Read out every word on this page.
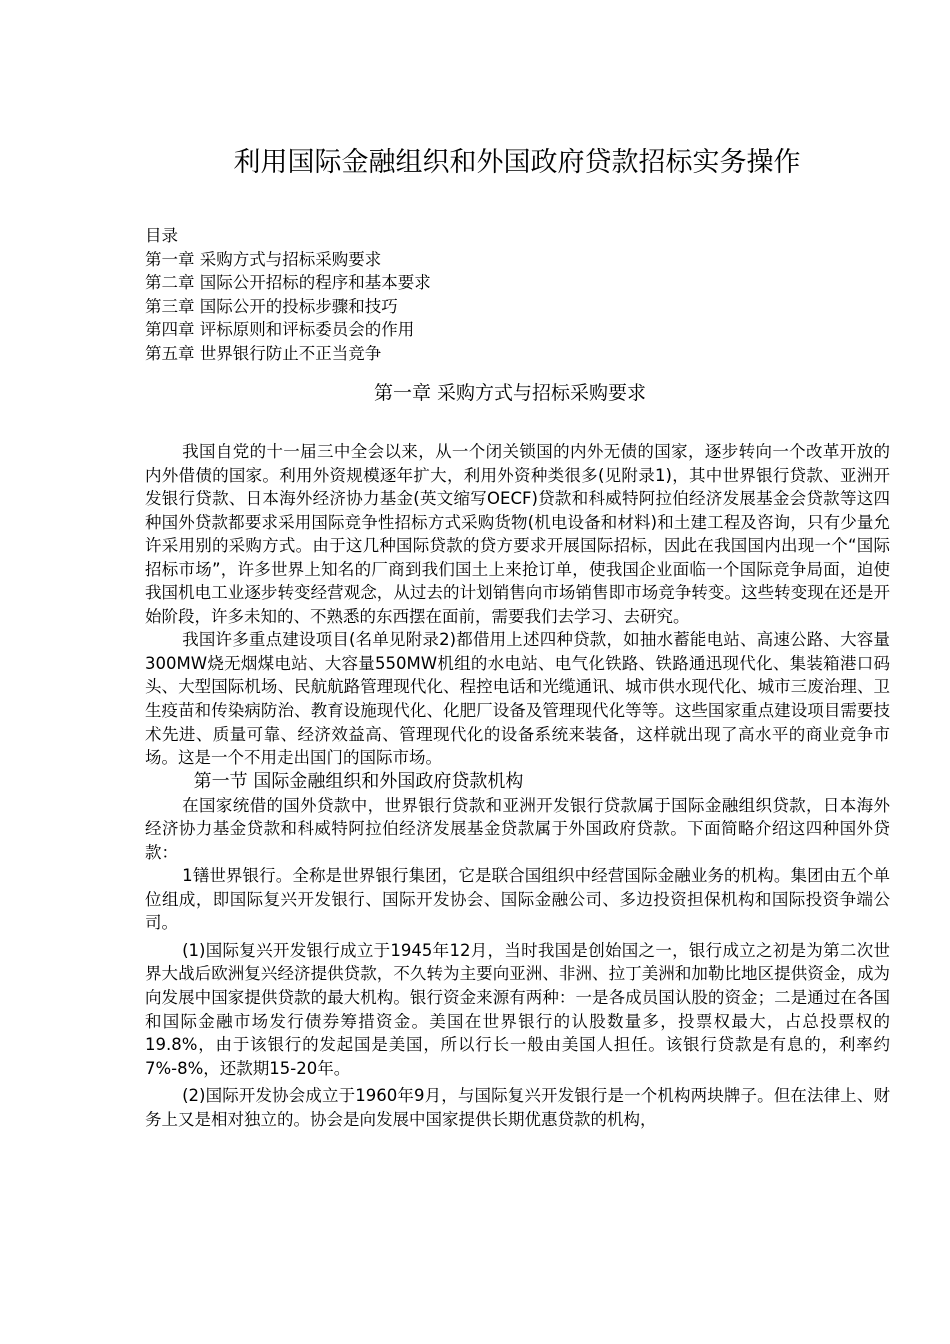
利用国际金融组织和外国政府贷款招标实务操作
目录
第一章 采购方式与招标采购要求
第二章 国际公开招标的程序和基本要求
第三章 国际公开的投标步骤和技巧
第四章 评标原则和评标委员会的作用
第五章 世界银行防止不正当竞争
第一章 采购方式与招标采购要求

我国自党的十一届三中全会以来，从一个闭关锁国的内外无债的国家，逐步转向一个改革开放的内外借债的国家。利用外资规模逐年扩大，利用外资种类很多(见附录1)，其中世界银行贷款、亚洲开发银行贷款、日本海外经济协力基金(英文缩写OECF)贷款和科威特阿拉伯经济发展基金会贷款等这四种国外贷款都要求采用国际竞争性招标方式采购货物(机电设备和材料)和土建工程及咨询，只有少量允许采用别的采购方式。由于这几种国际贷款的贷方要求开展国际招标，因此在我国国内出现一个“国际招标市场”，许多世界上知名的厂商到我们国土上来抢订单，使我国企业面临一个国际竞争局面，迫使我国机电工业逐步转变经营观念，从过去的计划销售向市场销售即市场竞争转变。这些转变现在还是开始阶段，许多未知的、不熟悉的东西摆在面前，需要我们去学习、去研究。

我国许多重点建设项目(名单见附录2)都借用上述四种贷款，如抽水蓄能电站、高速公路、大容量300MW烧无烟煤电站、大容量550MW机组的水电站、电气化铁路、铁路通迅现代化、集装箱港口码头、大型国际机场、民航航路管理现代化、程控电话和光缆通讯、城市供水现代化、城市三废治理、卫生疫苗和传染病防治、教育设施现代化、化肥厂设备及管理现代化等等。这些国家重点建设项目需要技术先进、质量可靠、经济效益高、管理现代化的设备系统来装备，这样就出现了高水平的商业竞争市场。这是一个不用走出国门的国际市场。

第一节 国际金融组织和外国政府贷款机构

在国家统借的国外贷款中，世界银行贷款和亚洲开发银行贷款属于国际金融组织贷款，日本海外经济协力基金贷款和科威特阿拉伯经济发展基金贷款属于外国政府贷款。下面简略介绍这四种国外贷款：

1䦅世界银行。全称是世界银行集团，它是联合国组织中经营国际金融业务的机构。集团由五个单位组成，即国际复兴开发银行、国际开发协会、国际金融公司、多边投资担保机构和国际投资争端公司。

(1)国际复兴开发银行成立于1945年12月，当时我国是创始国之一，银行成立之初是为第二次世界大战后欧洲复兴经济提供贷款，不久转为主要向亚洲、非洲、拉丁美洲和加勒比地区提供资金，成为向发展中国家提供贷款的最大机构。银行资金来源有两种：一是各成员国认股的资金；二是通过在各国和国际金融市场发行债券筹措资金。美国在世界银行的认股数量多，投票权最大，占总投票权的19.8%，由于该银行的发起国是美国，所以行长一般由美国人担任。该银行贷款是有息的，利率约7%-8%，还款期15-20年。

(2)国际开发协会成立于1960年9月，与国际复兴开发银行是一个机构两块牌子。但在法律上、财务上又是相对独立的。协会是向发展中国家提供长期优惠贷款的机构，
